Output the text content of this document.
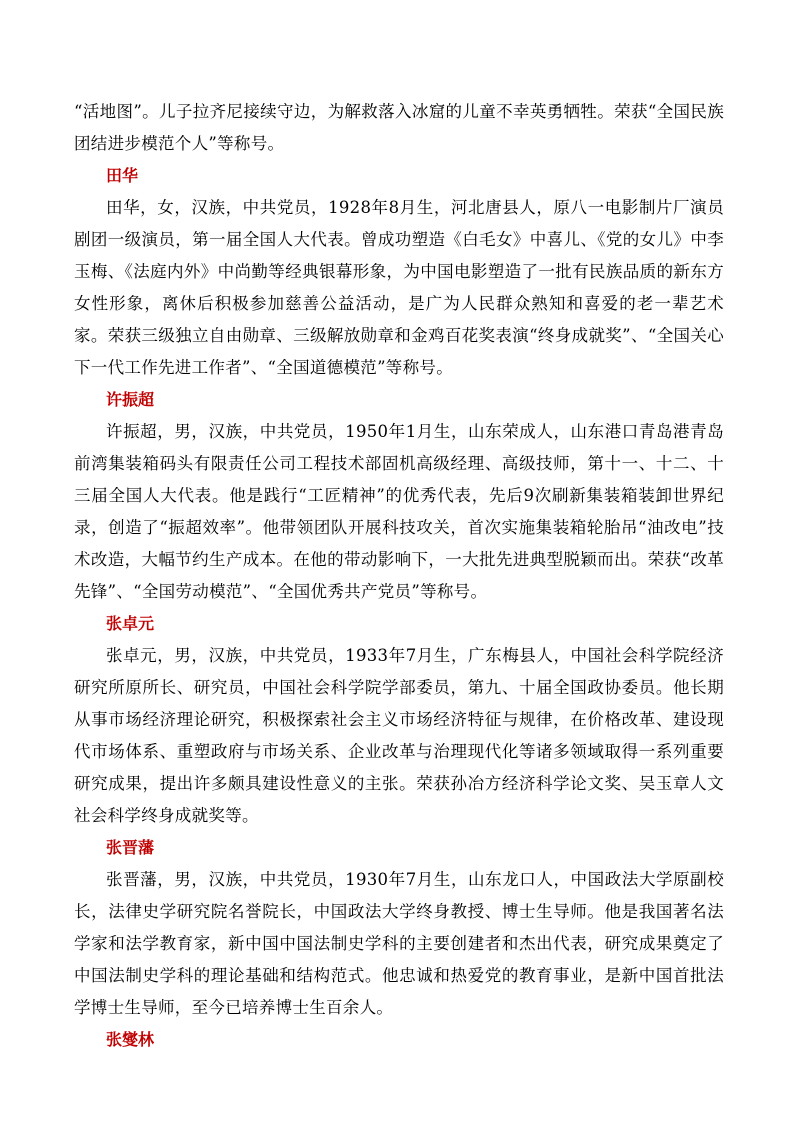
“活地图”。儿子拉齐尼接续守边，为解救落入冰窟的儿童不幸英勇牺牲。荣获“全国民族团结进步模范个人”等称号。

田华

田华，女，汉族，中共党员，1928年8月生，河北唐县人，原八一电影制片厂演员剧团一级演员，第一届全国人大代表。曾成功塑造《白毛女》中喜儿、《党的女儿》中李玉梅、《法庭内外》中尚勤等经典银幕形象，为中国电影塑造了一批有民族品质的新东方女性形象，离休后积极参加慈善公益活动，是广为人民群众熟知和喜爱的老一辈艺术家。荣获三级独立自由勋章、三级解放勋章和金鸡百花奖表演“终身成就奖”、“全国关心下一代工作先进工作者”、“全国道德模范”等称号。

许振超

许振超，男，汉族，中共党员，1950年1月生，山东荣成人，山东港口青岛港青岛前湾集装箱码头有限责任公司工程技术部固机高级经理、高级技师，第十一、十二、十三届全国人大代表。他是践行“工匠精神”的优秀代表，先后9次刷新集装箱装卸世界纪录，创造了“振超效率”。他带领团队开展科技攻关，首次实施集装箱轮胎吊“油改电”技术改造，大幅节约生产成本。在他的带动影响下，一大批先进典型脱颖而出。荣获“改革先锋”、“全国劳动模范”、“全国优秀共产党员”等称号。

张卓元

张卓元，男，汉族，中共党员，1933年7月生，广东梅县人，中国社会科学院经济研究所原所长、研究员，中国社会科学院学部委员，第九、十届全国政协委员。他长期从事市场经济理论研究，积极探索社会主义市场经济特征与规律，在价格改革、建设现代市场体系、重塑政府与市场关系、企业改革与治理现代化等诸多领域取得一系列重要研究成果，提出许多颇具建设性意义的主张。荣获孙冶方经济科学论文奖、吴玉章人文社会科学终身成就奖等。

张晋藩

张晋藩，男，汉族，中共党员，1930年7月生，山东龙口人，中国政法大学原副校长，法律史学研究院名誉院长，中国政法大学终身教授、博士生导师。他是我国著名法学家和法学教育家，新中国中国法制史学科的主要创建者和杰出代表，研究成果奠定了中国法制史学科的理论基础和结构范式。他忠诚和热爱党的教育事业，是新中国首批法学博士生导师，至今已培养博士生百余人。

张燮林
